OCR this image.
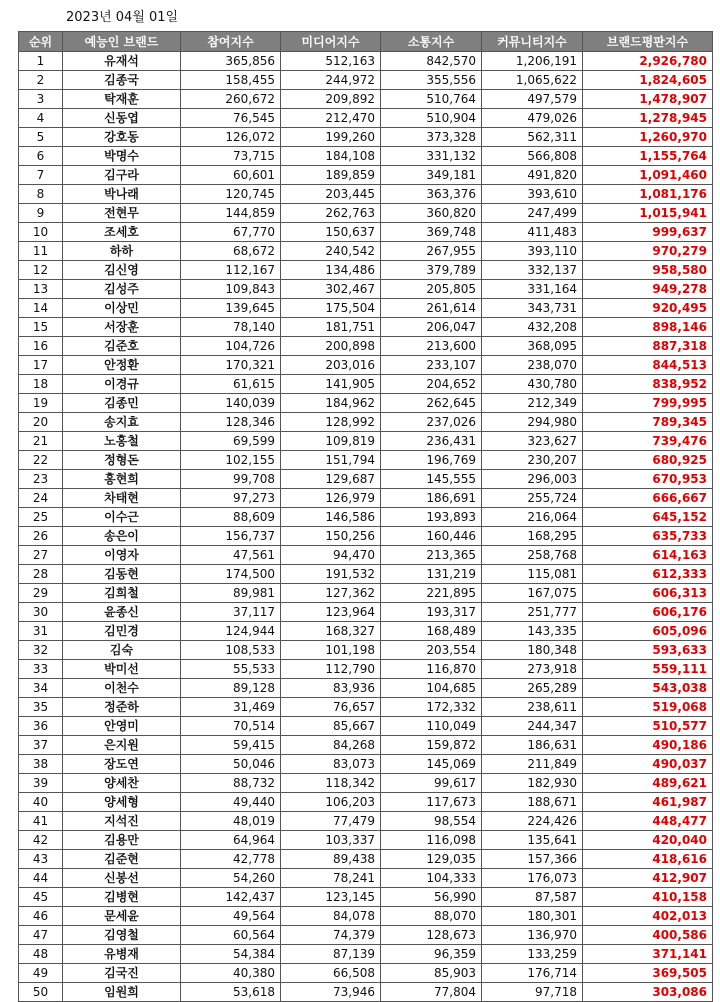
2023년 04월 01일
순위	예능인 브랜드	참여지수	미디어지수	소통지수	커뮤니티지수	브랜드평판지수
1	유재석	365,856	512,163	842,570	1,206,191	2,926,780
2	김종국	158,455	244,972	355,556	1,065,622	1,824,605
3	탁재훈	260,672	209,892	510,764	497,579	1,478,907
4	신동엽	76,545	212,470	510,904	479,026	1,278,945
5	강호동	126,072	199,260	373,328	562,311	1,260,970
6	박명수	73,715	184,108	331,132	566,808	1,155,764
7	김구라	60,601	189,859	349,181	491,820	1,091,460
8	박나래	120,745	203,445	363,376	393,610	1,081,176
9	전현무	144,859	262,763	360,820	247,499	1,015,941
10	조세호	67,770	150,637	369,748	411,483	999,637
11	하하	68,672	240,542	267,955	393,110	970,279
12	김신영	112,167	134,486	379,789	332,137	958,580
13	김성주	109,843	302,467	205,805	331,164	949,278
14	이상민	139,645	175,504	261,614	343,731	920,495
15	서장훈	78,140	181,751	206,047	432,208	898,146
16	김준호	104,726	200,898	213,600	368,095	887,318
17	안정환	170,321	203,016	233,107	238,070	844,513
18	이경규	61,615	141,905	204,652	430,780	838,952
19	김종민	140,039	184,962	262,645	212,349	799,995
20	송지효	128,346	128,992	237,026	294,980	789,345
21	노홍철	69,599	109,819	236,431	323,627	739,476
22	정형돈	102,155	151,794	196,769	230,207	680,925
23	홍현희	99,708	129,687	145,555	296,003	670,953
24	차태현	97,273	126,979	186,691	255,724	666,667
25	이수근	88,609	146,586	193,893	216,064	645,152
26	송은이	156,737	150,256	160,446	168,295	635,733
27	이영자	47,561	94,470	213,365	258,768	614,163
28	김동현	174,500	191,532	131,219	115,081	612,333
29	김희철	89,981	127,362	221,895	167,075	606,313
30	윤종신	37,117	123,964	193,317	251,777	606,176
31	김민경	124,944	168,327	168,489	143,335	605,096
32	김숙	108,533	101,198	203,554	180,348	593,633
33	박미선	55,533	112,790	116,870	273,918	559,111
34	이천수	89,128	83,936	104,685	265,289	543,038
35	정준하	31,469	76,657	172,332	238,611	519,068
36	안영미	70,514	85,667	110,049	244,347	510,577
37	은지원	59,415	84,268	159,872	186,631	490,186
38	장도연	50,046	83,073	145,069	211,849	490,037
39	양세찬	88,732	118,342	99,617	182,930	489,621
40	양세형	49,440	106,203	117,673	188,671	461,987
41	지석진	48,019	77,479	98,554	224,426	448,477
42	김용만	64,964	103,337	116,098	135,641	420,040
43	김준현	42,778	89,438	129,035	157,366	418,616
44	신봉선	54,260	78,241	104,333	176,073	412,907
45	김병현	142,437	123,145	56,990	87,587	410,158
46	문세윤	49,564	84,078	88,070	180,301	402,013
47	김영철	60,564	74,379	128,673	136,970	400,586
48	유병재	54,384	87,139	96,359	133,259	371,141
49	김국진	40,380	66,508	85,903	176,714	369,505
50	임원희	53,618	73,946	77,804	97,718	303,086
